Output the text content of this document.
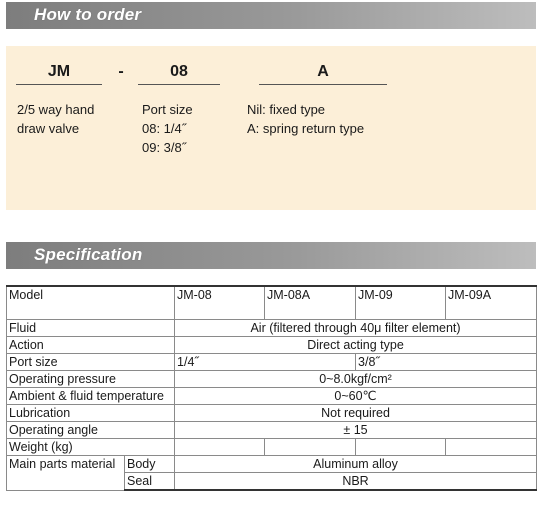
How to order
JM	-	08	A
2/5 way hand
draw valve
Port size
08: 1/4˝
09: 3/8˝
Nil: fixed type
A: spring return type
Specification
Model		JM-08	JM-08A	JM-09	JM-09A
Fluid		Air (filtered through 40μ filter element)			
Action		Direct acting type			
Port size		1/4˝		3/8˝	
Operating pressure		0~8.0kgf/cm²			
Ambient & fluid temperature		0~60℃			
Lubrication		Not required			
Operating angle		± 15			
Weight (kg)					
Main parts material	Body	Aluminum alloy			
	Seal	NBR			
